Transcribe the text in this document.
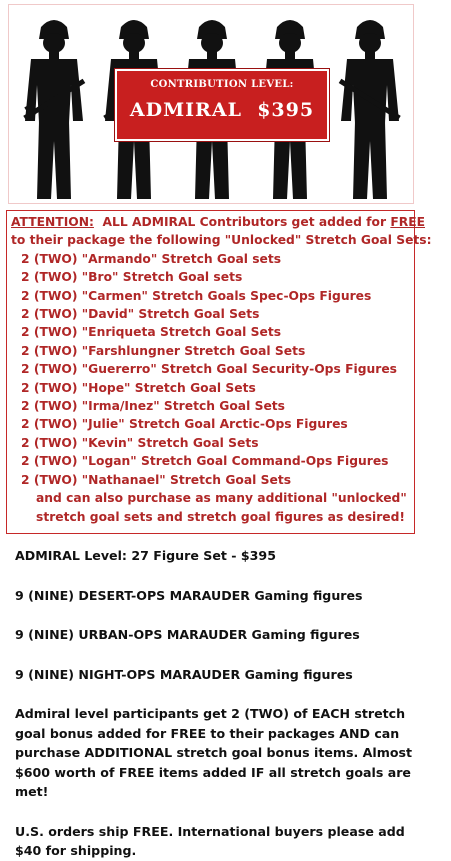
CONTRIBUTION LEVEL:
ADMIRAL $395
ATTENTION:  ALL ADMIRAL Contributors get added for FREE
to their package the following "Unlocked" Stretch Goal Sets:
2 (TWO) "Armando" Stretch Goal sets
2 (TWO) "Bro" Stretch Goal sets
2 (TWO) "Carmen" Stretch Goals Spec-Ops Figures
2 (TWO) "David" Stretch Goal Sets
2 (TWO) "Enriqueta Stretch Goal Sets
2 (TWO) "Farshlungner Stretch Goal Sets
2 (TWO) "Guererro" Stretch Goal Security-Ops Figures
2 (TWO) "Hope" Stretch Goal Sets
2 (TWO) "Irma/Inez" Stretch Goal Sets
2 (TWO) "Julie" Stretch Goal Arctic-Ops Figures
2 (TWO) "Kevin" Stretch Goal Sets
2 (TWO) "Logan" Stretch Goal Command-Ops Figures
2 (TWO) "Nathanael" Stretch Goal Sets
and can also purchase as many additional "unlocked"
stretch goal sets and stretch goal figures as desired!

ADMIRAL Level: 27 Figure Set - $395

9 (NINE) DESERT-OPS MARAUDER Gaming figures

9 (NINE) URBAN-OPS MARAUDER Gaming figures

9 (NINE) NIGHT-OPS MARAUDER Gaming figures

Admiral level participants get 2 (TWO) of EACH stretch goal bonus added for FREE to their packages AND can purchase ADDITIONAL stretch goal bonus items. Almost $600 worth of FREE items added IF all stretch goals are met!

U.S. orders ship FREE. International buyers please add $40 for shipping.
